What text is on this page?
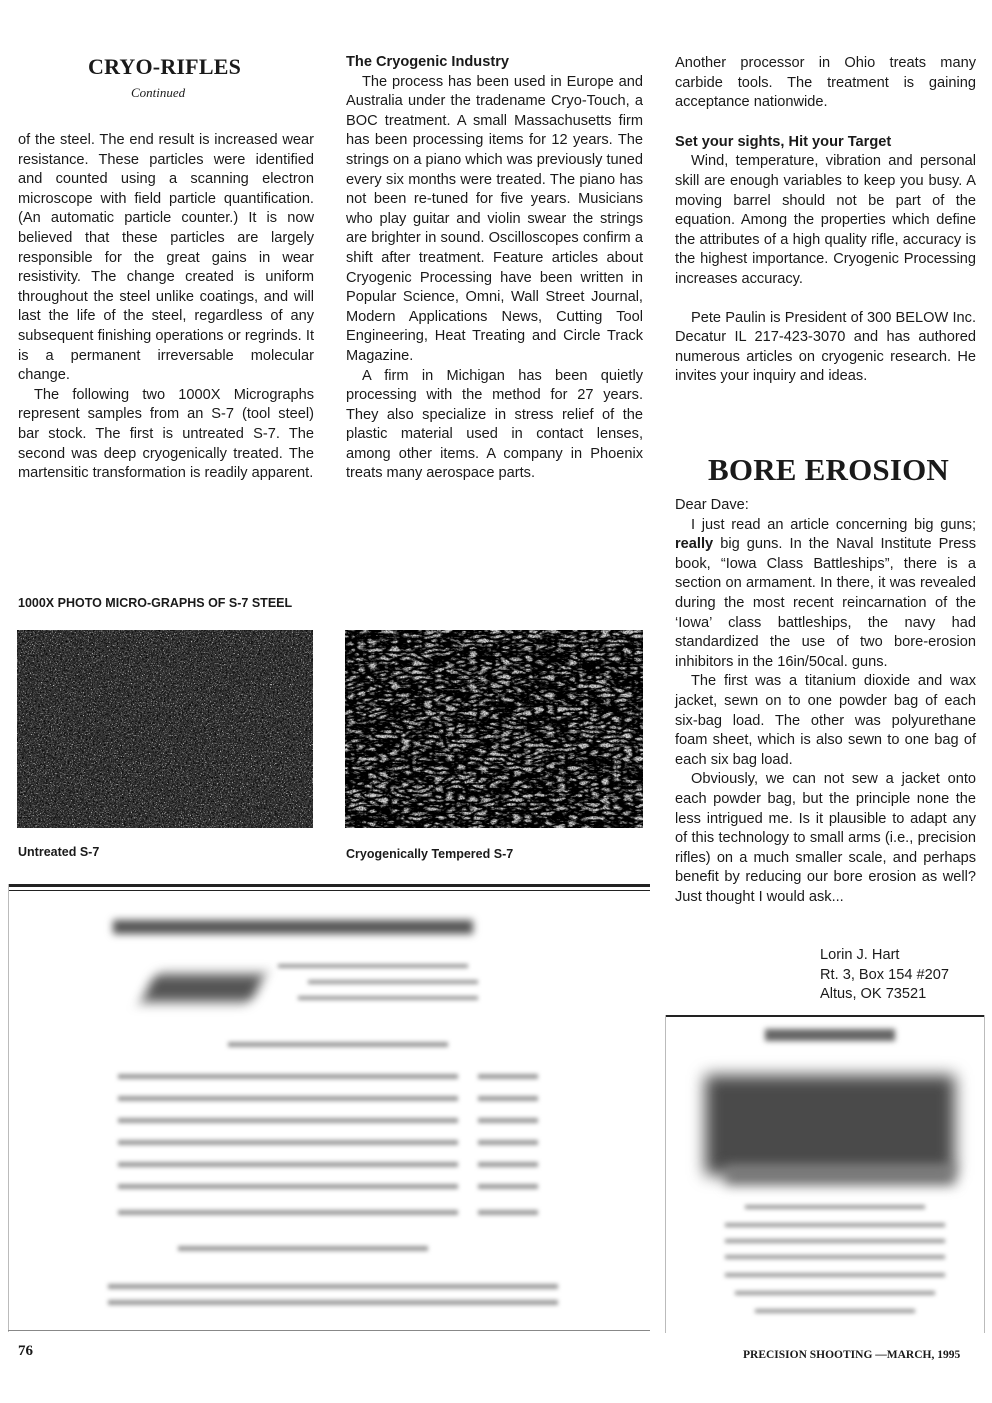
CRYO-RIFLES
Continued

of the steel. The end result is increased wear resistance. These particles were identified and counted using a scanning electron microscope with field particle quantification. (An automatic particle counter.) It is now believed that these particles are largely responsible for the great gains in wear resistivity. The change created is uniform throughout the steel unlike coatings, and will last the life of the steel, regardless of any subsequent finishing operations or regrinds. It is a permanent irreversable molecular change.

The following two 1000X Micrographs represent samples from an S-7 (tool steel) bar stock. The first is untreated S-7. The second was deep cryogenically treated. The martensitic transformation is readily apparent.

The Cryogenic Industry

The process has been used in Europe and Australia under the tradename Cryo-Touch, a BOC treatment. A small Massachusetts firm has been processing items for 12 years. The strings on a piano which was previously tuned every six months were treated. The piano has not been re-tuned for five years. Musicians who play guitar and violin swear the strings are brighter in sound. Oscilloscopes confirm a shift after treatment. Feature articles about Cryogenic Processing have been written in Popular Science, Omni, Wall Street Journal, Modern Applications News, Cutting Tool Engineering, Heat Treating and Circle Track Magazine.

A firm in Michigan has been quietly processing with the method for 27 years. They also specialize in stress relief of the plastic material used in contact lenses, among other items. A company in Phoenix treats many aerospace parts.

Another processor in Ohio treats many carbide tools. The treatment is gaining acceptance nationwide.

Set your sights, Hit your Target

Wind, temperature, vibration and personal skill are enough variables to keep you busy. A moving barrel should not be part of the equation. Among the properties which define the attributes of a high quality rifle, accuracy is the highest importance. Cryogenic Processing increases accuracy.

Pete Paulin is President of 300 BELOW Inc. Decatur IL 217-423-3070 and has authored numerous articles on cryogenic research. He invites your inquiry and ideas.

BORE EROSION

Dear Dave:

I just read an article concerning big guns; really big guns. In the Naval Institute Press book, “Iowa Class Battleships”, there is a section on armament. In there, it was revealed during the most recent reincarnation of the ‘Iowa’ class battleships, the navy had standardized the use of two bore-erosion inhibitors in the 16in/50cal. guns.

The first was a titanium dioxide and wax jacket, sewn on to one powder bag of each six-bag load. The other was polyurethane foam sheet, which is also sewn to one bag of each six bag load.

Obviously, we can not sew a jacket onto each powder bag, but the principle none the less intrigued me. Is it plausible to adapt any of this technology to small arms (i.e., precision rifles) on a much smaller scale, and perhaps benefit by reducing our bore erosion as well? Just thought I would ask...

Lorin J. Hart
Rt. 3, Box 154 #207
Altus, OK 73521
1000X PHOTO MICRO-GRAPHS OF S-7 STEEL
Untreated S-7	Cryogenically Tempered S-7
76	PRECISION SHOOTING —MARCH, 1995
